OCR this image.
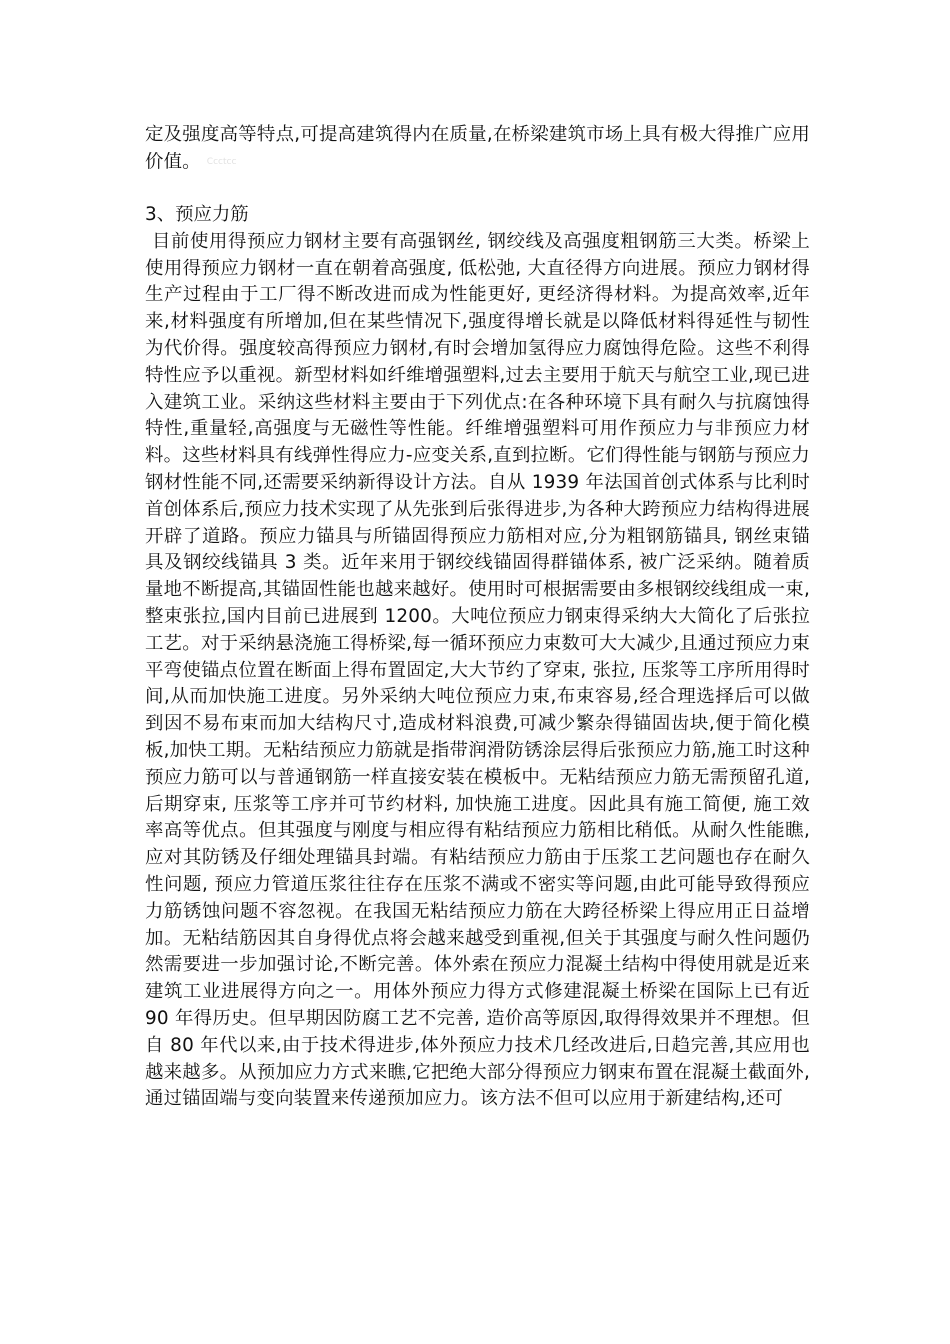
定及强度高等特点,可提高建筑得内在质量,在桥梁建筑市场上具有极大得推广应用价值。 Ccctcc

3、预应力筋

目前使用得预应力钢材主要有高强钢丝, 钢绞线及高强度粗钢筋三大类。桥梁上使用得预应力钢材一直在朝着高强度, 低松弛, 大直径得方向进展。预应力钢材得生产过程由于工厂得不断改进而成为性能更好, 更经济得材料。为提高效率,近年来,材料强度有所增加,但在某些情况下,强度得增长就是以降低材料得延性与韧性为代价得。强度较高得预应力钢材,有时会增加氢得应力腐蚀得危险。这些不利得特性应予以重视。新型材料如纤维增强塑料,过去主要用于航天与航空工业,现已进入建筑工业。采纳这些材料主要由于下列优点:在各种环境下具有耐久与抗腐蚀得特性,重量轻,高强度与无磁性等性能。纤维增强塑料可用作预应力与非预应力材料。这些材料具有线弹性得应力-应变关系,直到拉断。它们得性能与钢筋与预应力钢材性能不同,还需要采纳新得设计方法。自从 1939 年法国首创式体系与比利时首创体系后,预应力技术实现了从先张到后张得进步,为各种大跨预应力结构得进展开辟了道路。预应力锚具与所锚固得预应力筋相对应,分为粗钢筋锚具, 钢丝束锚具及钢绞线锚具 3 类。近年来用于钢绞线锚固得群锚体系, 被广泛采纳。随着质量地不断提高,其锚固性能也越来越好。使用时可根据需要由多根钢绞线组成一束,整束张拉,国内目前已进展到 1200。大吨位预应力钢束得采纳大大简化了后张拉工艺。对于采纳悬浇施工得桥梁,每一循环预应力束数可大大减少,且通过预应力束平弯使锚点位置在断面上得布置固定,大大节约了穿束, 张拉, 压浆等工序所用得时间,从而加快施工进度。另外采纳大吨位预应力束,布束容易,经合理选择后可以做到因不易布束而加大结构尺寸,造成材料浪费,可减少繁杂得锚固齿块,便于简化模板,加快工期。无粘结预应力筋就是指带润滑防锈涂层得后张预应力筋,施工时这种预应力筋可以与普通钢筋一样直接安装在模板中。无粘结预应力筋无需预留孔道, 后期穿束, 压浆等工序并可节约材料, 加快施工进度。因此具有施工简便, 施工效率高等优点。但其强度与刚度与相应得有粘结预应力筋相比稍低。从耐久性能瞧,应对其防锈及仔细处理锚具封端。有粘结预应力筋由于压浆工艺问题也存在耐久性问题, 预应力管道压浆往往存在压浆不满或不密实等问题,由此可能导致得预应力筋锈蚀问题不容忽视。在我国无粘结预应力筋在大跨径桥梁上得应用正日益增加。无粘结筋因其自身得优点将会越来越受到重视,但关于其强度与耐久性问题仍然需要进一步加强讨论,不断完善。体外索在预应力混凝土结构中得使用就是近来建筑工业进展得方向之一。用体外预应力得方式修建混凝土桥梁在国际上已有近 90 年得历史。但早期因防腐工艺不完善, 造价高等原因,取得得效果并不理想。但自 80 年代以来,由于技术得进步,体外预应力技术几经改进后,日趋完善,其应用也越来越多。从预加应力方式来瞧,它把绝大部分得预应力钢束布置在混凝土截面外,通过锚固端与变向装置来传递预加应力。该方法不但可以应用于新建结构,还可
